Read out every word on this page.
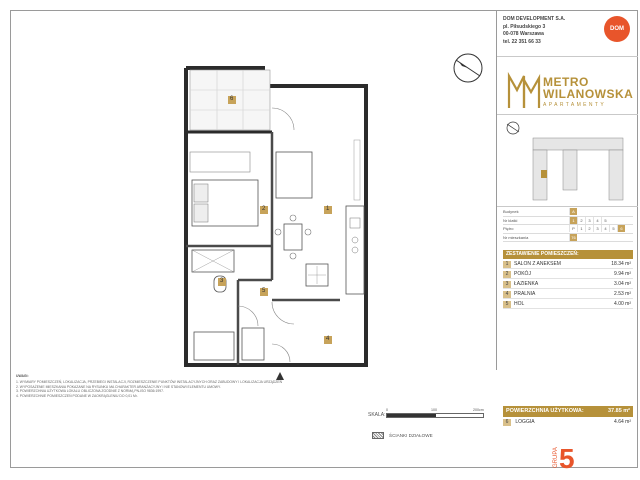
6
1
2
3
5
4
UWAGI:
1. WYMIARY POMIESZCZEŃ, LOKALIZACJA, PRZEBIEGI INSTALACJI, ROZMIESZCZENIE PUNKTÓW INSTALACYJNYCH ORAZ ZABUDOWY I LOKALIZACJA URZĄDZEŃ
2. WYPOSAŻENIE MIESZKANIA POKAZANE NA RYSUNKU MA CHARAKTER ARANŻACYJNY I NIE STANOWI ELEMENTU UMOWY.
3. POWIERZCHNIA UŻYTKOWA LOKALU OBLICZONA ZGODNIE Z NORMĄ PN-ISO 9836:1997.
4. POWIERZCHNIE POMIESZCZEŃ PODANE W ZAOKRĄGLENIU DO 0,01 M².
SKALA:
0	100	200cm
ŚCIANKI DZIAŁOWE
DOM DEVELOPMENT S.A.
pl. Piłsudskiego 3
00-078 Warszawa
tel. 22 351 66 33
DOM
METRO
WILANOWSKA
APARTAMENTY
Budynek	A
Nr klatki	1	2	3	4	5
Piętro	P	1	2	3	4	5	6
Nr mieszkania	76
ZESTAWIENIE POMIESZCZEŃ:
1 SALON Z ANEKSEM	18.34 m²
2 POKÓJ	9.94 m²
3 ŁAZIENKA	3.04 m²
4 PRALNIA	2.53 m²
5 HOL	4.00 m²
POWIERZCHNIA UŻYTKOWA:	37.85 m²
6 LOGGIA	4.64 m²
GRUPA 5
